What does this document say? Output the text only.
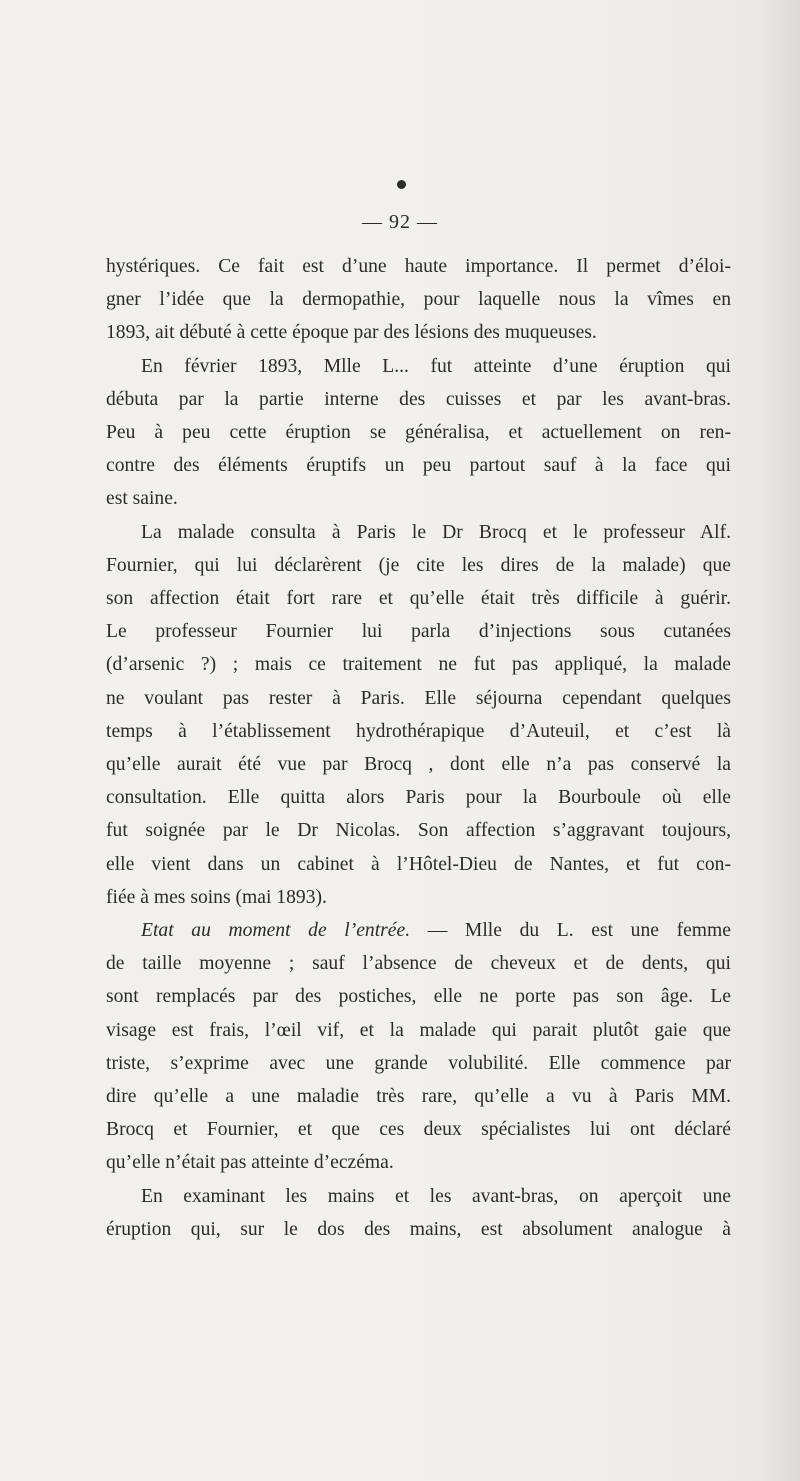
— 92 —
hystériques. Ce fait est d’une haute importance. Il permet d’éloi-
gner l’idée que la dermopathie, pour laquelle nous la vîmes en
1893, ait débuté à cette époque par des lésions des muqueuses.
En février 1893, Mlle L... fut atteinte d’une éruption qui
débuta par la partie interne des cuisses et par les avant-bras.
Peu à peu cette éruption se généralisa, et actuellement on ren-
contre des éléments éruptifs un peu partout sauf à la face qui
est saine.
La malade consulta à Paris le Dr Brocq et le professeur Alf.
Fournier, qui lui déclarèrent (je cite les dires de la malade) que
son affection était fort rare et qu’elle était très difficile à guérir.
Le professeur Fournier lui parla d’injections sous cutanées
(d’arsenic ?) ; mais ce traitement ne fut pas appliqué, la malade
ne voulant pas rester à Paris. Elle séjourna cependant quelques
temps à l’établissement hydrothérapique d’Auteuil, et c’est là
qu’elle aurait été vue par Brocq , dont elle n’a pas conservé la
consultation. Elle quitta alors Paris pour la Bourboule où elle
fut soignée par le Dr Nicolas. Son affection s’aggravant toujours,
elle vient dans un cabinet à l’Hôtel-Dieu de Nantes, et fut con-
fiée à mes soins (mai 1893).
Etat au moment de l’entrée. — Mlle du L. est une femme
de taille moyenne ; sauf l’absence de cheveux et de dents, qui
sont remplacés par des postiches, elle ne porte pas son âge. Le
visage est frais, l’œil vif, et la malade qui parait plutôt gaie que
triste, s’exprime avec une grande volubilité. Elle commence par
dire qu’elle a une maladie très rare, qu’elle a vu à Paris MM.
Brocq et Fournier, et que ces deux spécialistes lui ont déclaré
qu’elle n’était pas atteinte d’eczéma.
En examinant les mains et les avant-bras, on aperçoit une
éruption qui, sur le dos des mains, est absolument analogue à
